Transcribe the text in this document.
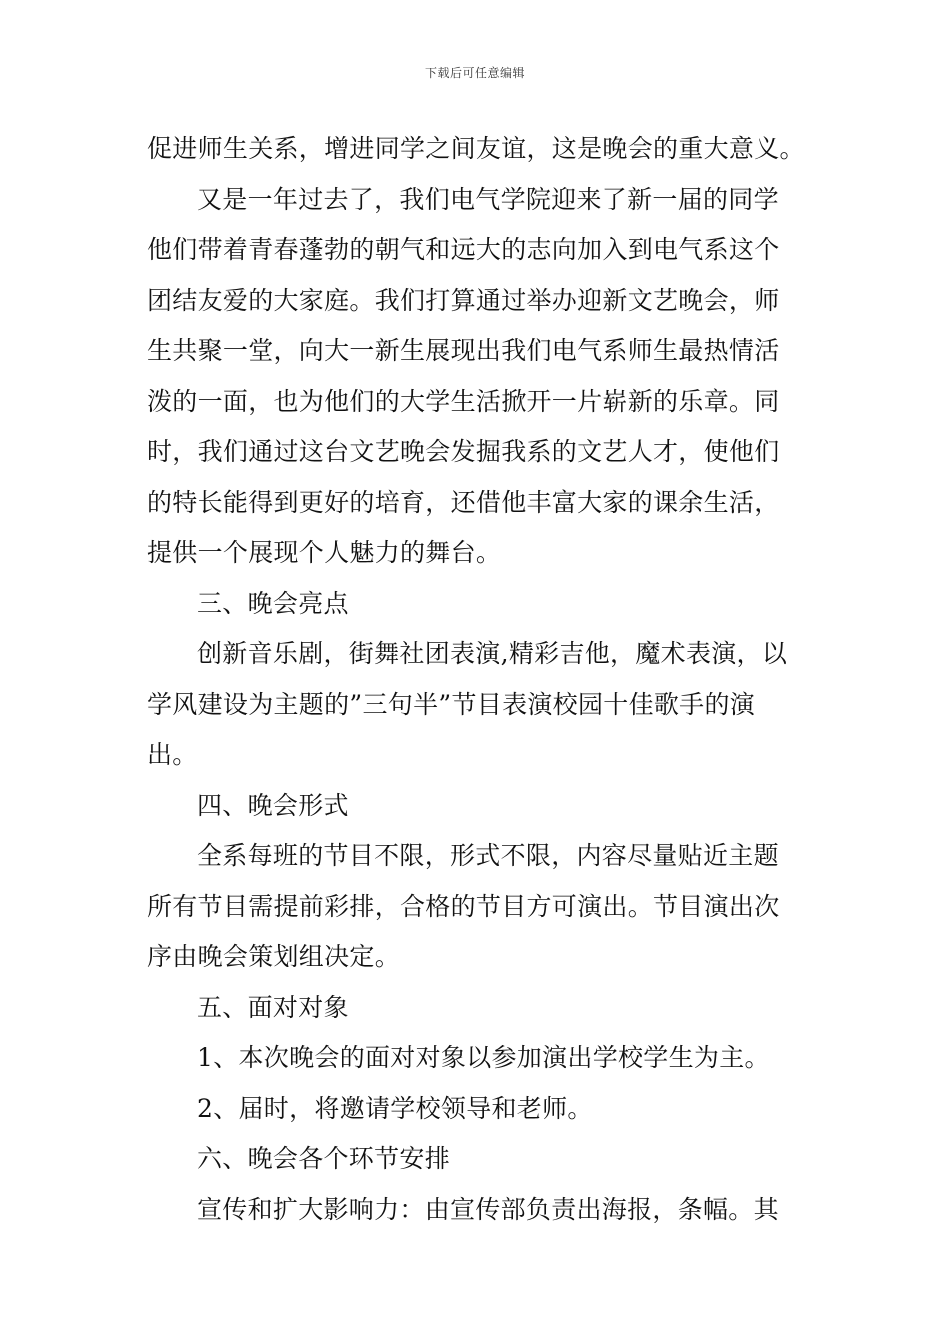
下载后可任意编辑
促进师生关系，增进同学之间友谊，这是晚会的重大意义。
又是一年过去了，我们电气学院迎来了新一届的同学
他们带着青春蓬勃的朝气和远大的志向加入到电气系这个
团结友爱的大家庭。我们打算通过举办迎新文艺晚会，师
生共聚一堂，向大一新生展现出我们电气系师生最热情活
泼的一面，也为他们的大学生活掀开一片崭新的乐章。同
时，我们通过这台文艺晚会发掘我系的文艺人才，使他们
的特长能得到更好的培育，还借他丰富大家的课余生活，
提供一个展现个人魅力的舞台。
三、晚会亮点
创新音乐剧，街舞社团表演,精彩吉他，魔术表演，以
学风建设为主题的”三句半”节目表演校园十佳歌手的演
出。
四、晚会形式
全系每班的节目不限，形式不限，内容尽量贴近主题
所有节目需提前彩排，合格的节目方可演出。节目演出次
序由晚会策划组决定。
五、面对对象
1、本次晚会的面对对象以参加演出学校学生为主。
2、届时，将邀请学校领导和老师。
六、晚会各个环节安排
宣传和扩大影响力：由宣传部负责出海报，条幅。其
